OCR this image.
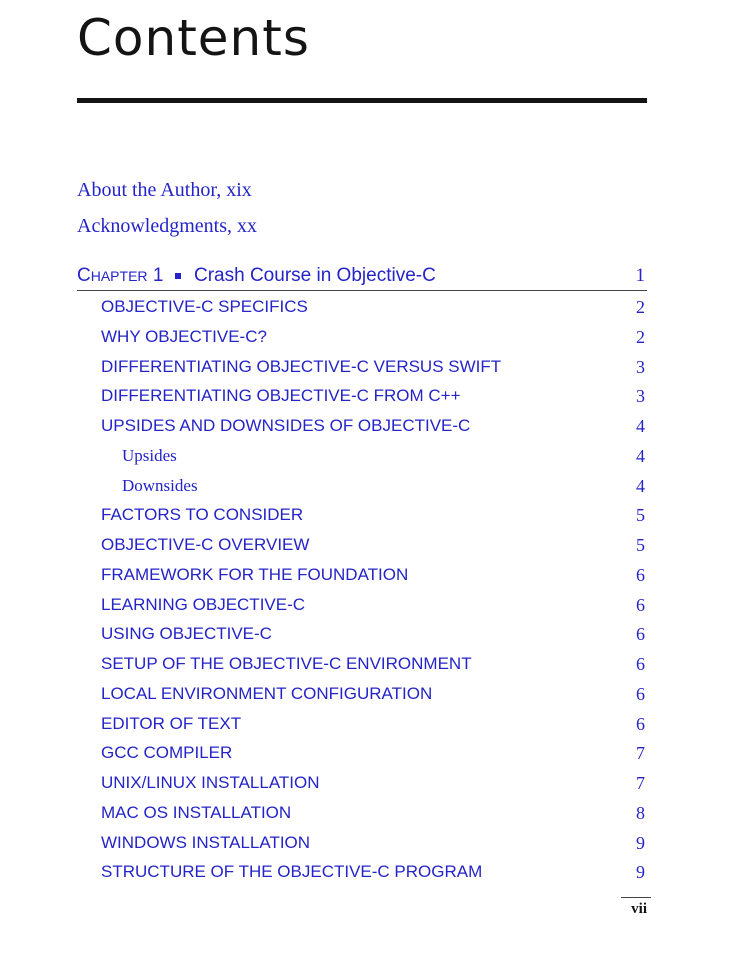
Contents
About the Author, xix
Acknowledgments, xx
CHAPTER 1 Crash Course in Objective-C	1
OBJECTIVE-C SPECIFICS	2
WHY OBJECTIVE-C?	2
DIFFERENTIATING OBJECTIVE-C VERSUS SWIFT	3
DIFFERENTIATING OBJECTIVE-C FROM C++	3
UPSIDES AND DOWNSIDES OF OBJECTIVE-C	4
Upsides	4
Downsides	4
FACTORS TO CONSIDER	5
OBJECTIVE-C OVERVIEW	5
FRAMEWORK FOR THE FOUNDATION	6
LEARNING OBJECTIVE-C	6
USING OBJECTIVE-C	6
SETUP OF THE OBJECTIVE-C ENVIRONMENT	6
LOCAL ENVIRONMENT CONFIGURATION	6
EDITOR OF TEXT	6
GCC COMPILER	7
UNIX/LINUX INSTALLATION	7
MAC OS INSTALLATION	8
WINDOWS INSTALLATION	9
STRUCTURE OF THE OBJECTIVE-C PROGRAM	9
vii
